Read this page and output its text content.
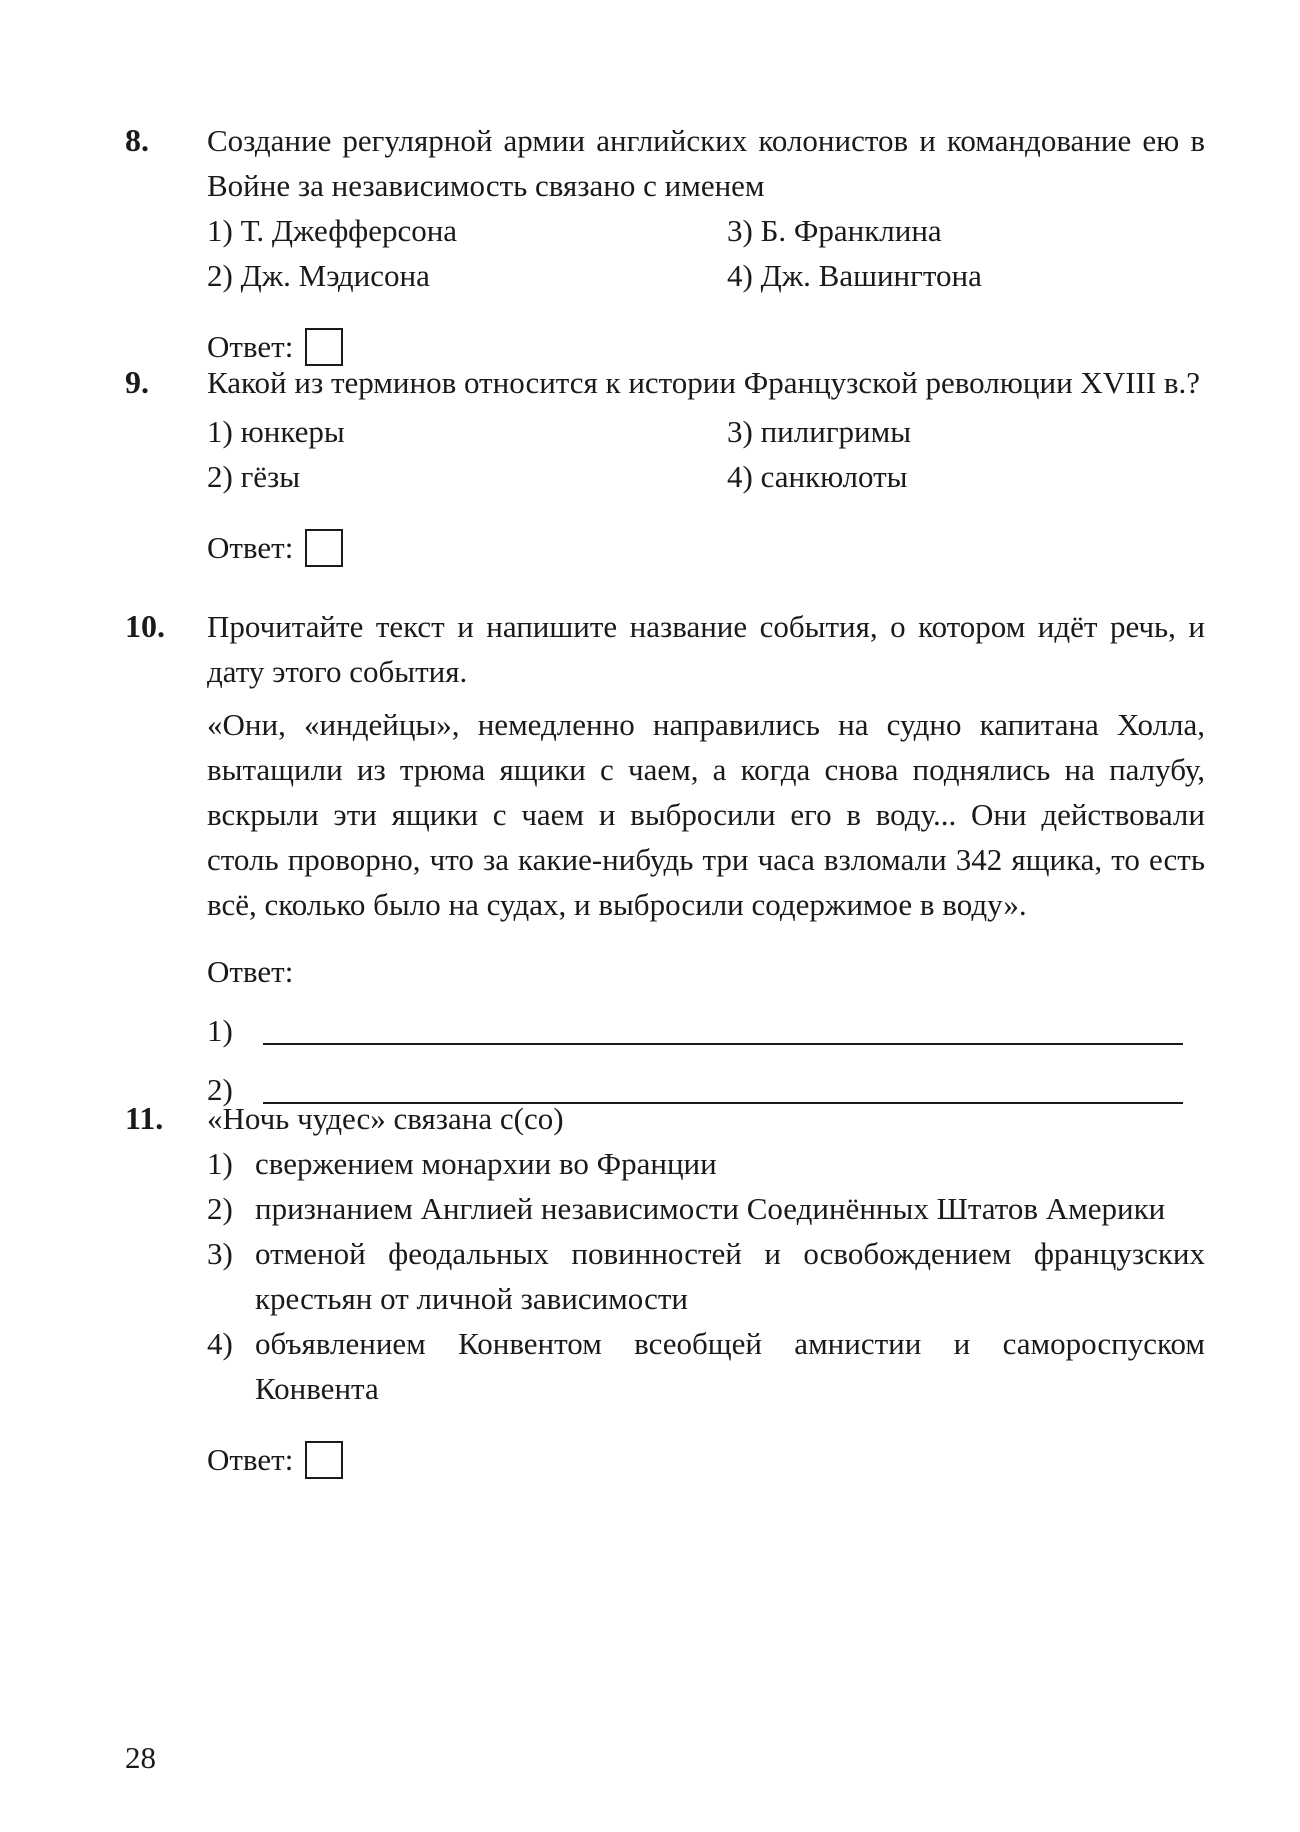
8. Создание регулярной армии английских колонистов и командование ею в Войне за независимость связано с именем
1) Т. Джефферсона	3) Б. Франклина
2) Дж. Мэдисона	4) Дж. Вашингтона
Ответ:
9. Какой из терминов относится к истории Французской революции XVIII в.?
1) юнкеры	3) пилигримы
2) гёзы	4) санкюлоты
Ответ:
10. Прочитайте текст и напишите название события, о котором идёт речь, и дату этого события.
«Они, «индейцы», немедленно направились на судно капитана Холла, вытащили из трюма ящики с чаем, а когда снова поднялись на палубу, вскрыли эти ящики с чаем и выбросили его в воду... Они действовали столь проворно, что за какие-нибудь три часа взломали 342 ящика, то есть всё, сколько было на судах, и выбросили содержимое в воду».
Ответ:
1)
2)
11. «Ночь чудес» связана с(со)
1) свержением монархии во Франции
2) признанием Англией независимости Соединённых Штатов Америки
3) отменой феодальных повинностей и освобождением французских крестьян от личной зависимости
4) объявлением Конвентом всеобщей амнистии и самороспуском Конвента
Ответ:
28
